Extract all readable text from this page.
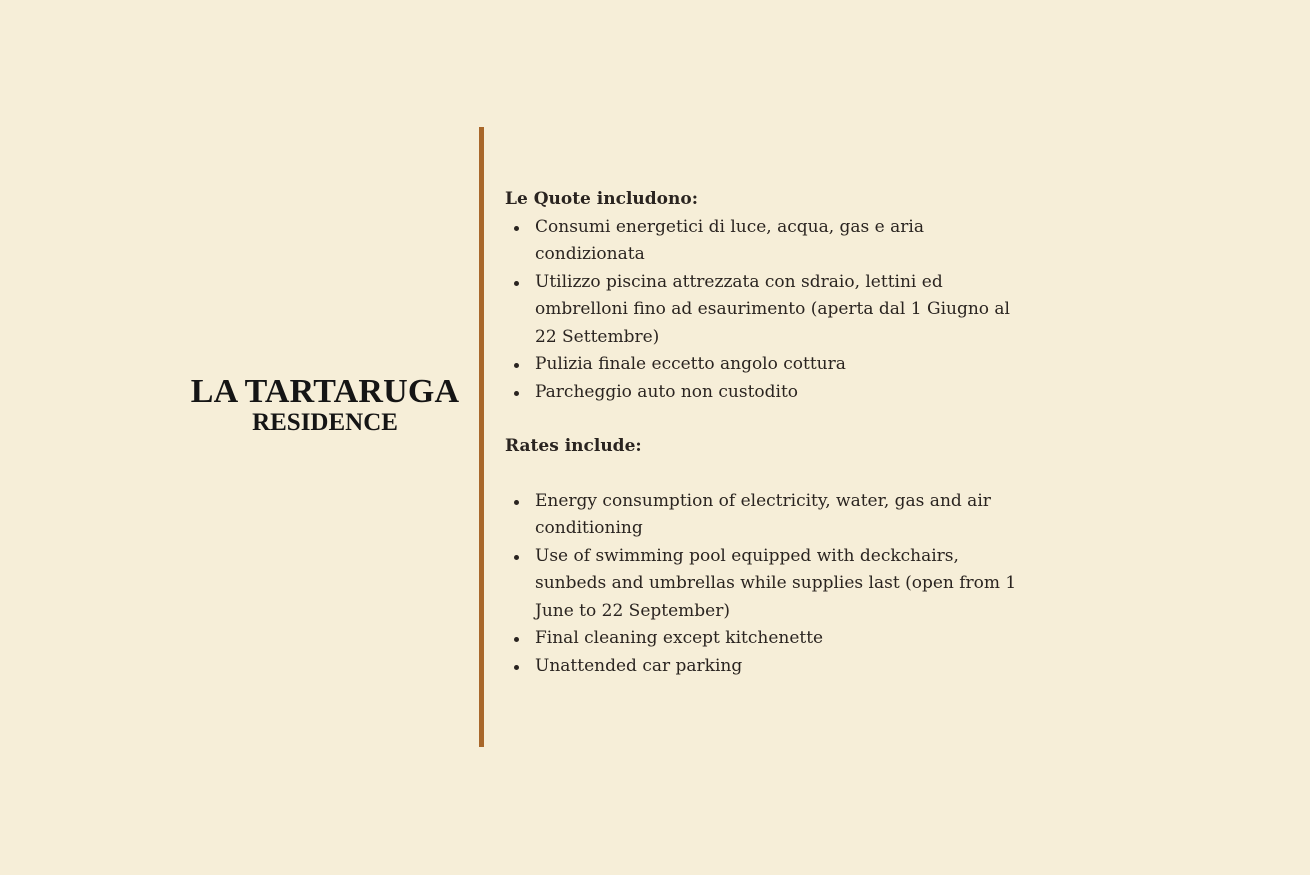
LA TARTARUGA
RESIDENCE

Le Quote includono:

Consumi energetici di luce, acqua, gas e aria condizionata
Utilizzo piscina attrezzata con sdraio, lettini ed ombrelloni fino ad esaurimento (aperta dal 1 Giugno al 22 Settembre)
Pulizia finale eccetto angolo cottura
Parcheggio auto non custodito

Rates include:

Energy consumption of electricity, water, gas and air conditioning
Use of swimming pool equipped with deckchairs, sunbeds and umbrellas while supplies last (open from 1 June to 22 September)
Final cleaning except kitchenette
Unattended car parking
